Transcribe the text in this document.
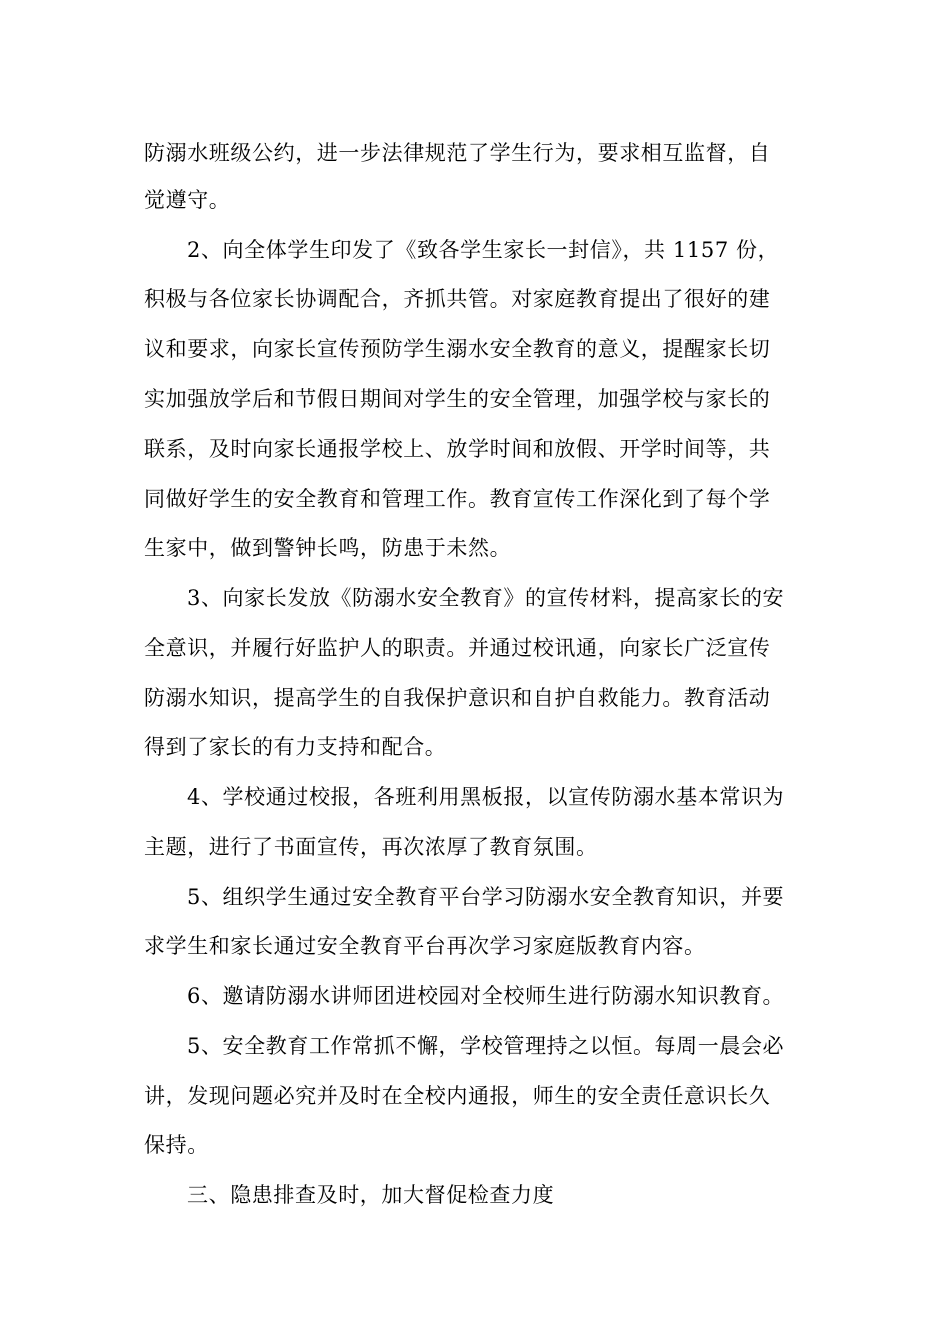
防溺水班级公约，进一步法律规范了学生行为，要求相互监督，自
觉遵守。
2、向全体学生印发了《致各学生家长一封信》，共 1157 份，
积极与各位家长协调配合，齐抓共管。对家庭教育提出了很好的建
议和要求，向家长宣传预防学生溺水安全教育的意义，提醒家长切
实加强放学后和节假日期间对学生的安全管理，加强学校与家长的
联系，及时向家长通报学校上、放学时间和放假、开学时间等，共
同做好学生的安全教育和管理工作。教育宣传工作深化到了每个学
生家中，做到警钟长鸣，防患于未然。
3、向家长发放《防溺水安全教育》的宣传材料，提高家长的安
全意识，并履行好监护人的职责。并通过校讯通，向家长广泛宣传
防溺水知识，提高学生的自我保护意识和自护自救能力。教育活动
得到了家长的有力支持和配合。
4、学校通过校报，各班利用黑板报，以宣传防溺水基本常识为
主题，进行了书面宣传，再次浓厚了教育氛围。
5、组织学生通过安全教育平台学习防溺水安全教育知识，并要
求学生和家长通过安全教育平台再次学习家庭版教育内容。
6、邀请防溺水讲师团进校园对全校师生进行防溺水知识教育。
5、安全教育工作常抓不懈，学校管理持之以恒。每周一晨会必
讲，发现问题必究并及时在全校内通报，师生的安全责任意识长久
保持。
三、隐患排查及时，加大督促检查力度
